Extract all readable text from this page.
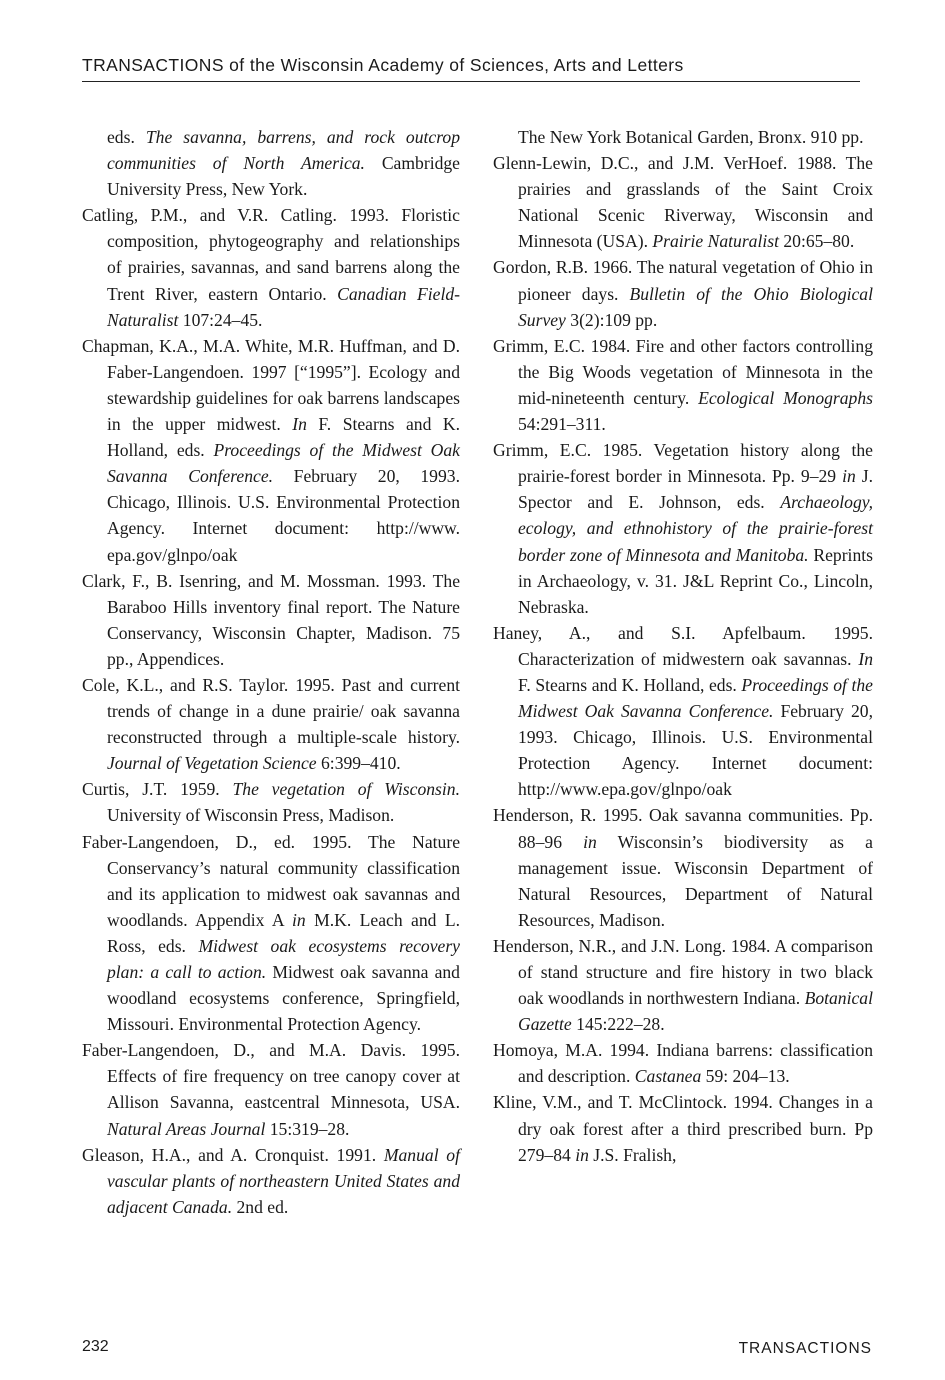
TRANSACTIONS of the Wisconsin Academy of Sciences, Arts and Letters

eds. The savanna, barrens, and rock outcrop communities of North America. Cambridge University Press, New York.

Catling, P.M., and V.R. Catling. 1993. Floristic composition, phytogeography and relationships of prairies, savannas, and sand barrens along the Trent River, eastern Ontario. Canadian Field-Naturalist 107:24–45.

Chapman, K.A., M.A. White, M.R. Huffman, and D. Faber-Langendoen. 1997 [“1995”]. Ecology and stewardship guidelines for oak barrens landscapes in the upper midwest. In F. Stearns and K. Holland, eds. Proceedings of the Midwest Oak Savanna Conference. February 20, 1993. Chicago, Illinois. U.S. Environmental Protection Agency. Internet document: http://www. epa.gov/glnpo/oak

Clark, F., B. Isenring, and M. Mossman. 1993. The Baraboo Hills inventory final report. The Nature Conservancy, Wisconsin Chapter, Madison. 75 pp., Appendices.

Cole, K.L., and R.S. Taylor. 1995. Past and current trends of change in a dune prairie/ oak savanna reconstructed through a multiple-scale history. Journal of Vegetation Science 6:399–410.

Curtis, J.T. 1959. The vegetation of Wisconsin. University of Wisconsin Press, Madison.

Faber-Langendoen, D., ed. 1995. The Nature Conservancy’s natural community classification and its application to midwest oak savannas and woodlands. Appendix A in M.K. Leach and L. Ross, eds. Midwest oak ecosystems recovery plan: a call to action. Midwest oak savanna and woodland ecosystems conference, Springfield, Missouri. Environmental Protection Agency.

Faber-Langendoen, D., and M.A. Davis. 1995. Effects of fire frequency on tree canopy cover at Allison Savanna, eastcentral Minnesota, USA. Natural Areas Journal 15:319–28.

Gleason, H.A., and A. Cronquist. 1991. Manual of vascular plants of northeastern United States and adjacent Canada. 2nd ed.

The New York Botanical Garden, Bronx. 910 pp.

Glenn-Lewin, D.C., and J.M. VerHoef. 1988. The prairies and grasslands of the Saint Croix National Scenic Riverway, Wisconsin and Minnesota (USA). Prairie Naturalist 20:65–80.

Gordon, R.B. 1966. The natural vegetation of Ohio in pioneer days. Bulletin of the Ohio Biological Survey 3(2):109 pp.

Grimm, E.C. 1984. Fire and other factors controlling the Big Woods vegetation of Minnesota in the mid-nineteenth century. Ecological Monographs 54:291–311.

Grimm, E.C. 1985. Vegetation history along the prairie-forest border in Minnesota. Pp. 9–29 in J. Spector and E. Johnson, eds. Archaeology, ecology, and ethnohistory of the prairie-forest border zone of Minnesota and Manitoba. Reprints in Archaeology, v. 31. J&L Reprint Co., Lincoln, Nebraska.

Haney, A., and S.I. Apfelbaum. 1995. Characterization of midwestern oak savannas. In F. Stearns and K. Holland, eds. Proceedings of the Midwest Oak Savanna Conference. February 20, 1993. Chicago, Illinois. U.S. Environmental Protection Agency. Internet document: http://www.epa.gov/glnpo/oak

Henderson, R. 1995. Oak savanna communities. Pp. 88–96 in Wisconsin’s biodiversity as a management issue. Wisconsin Department of Natural Resources, Department of Natural Resources, Madison.

Henderson, N.R., and J.N. Long. 1984. A comparison of stand structure and fire history in two black oak woodlands in northwestern Indiana. Botanical Gazette 145:222–28.

Homoya, M.A. 1994. Indiana barrens: classification and description. Castanea 59: 204–13.

Kline, V.M., and T. McClintock. 1994. Changes in a dry oak forest after a third prescribed burn. Pp 279–84 in J.S. Fralish,

232	TRANSACTIONS
